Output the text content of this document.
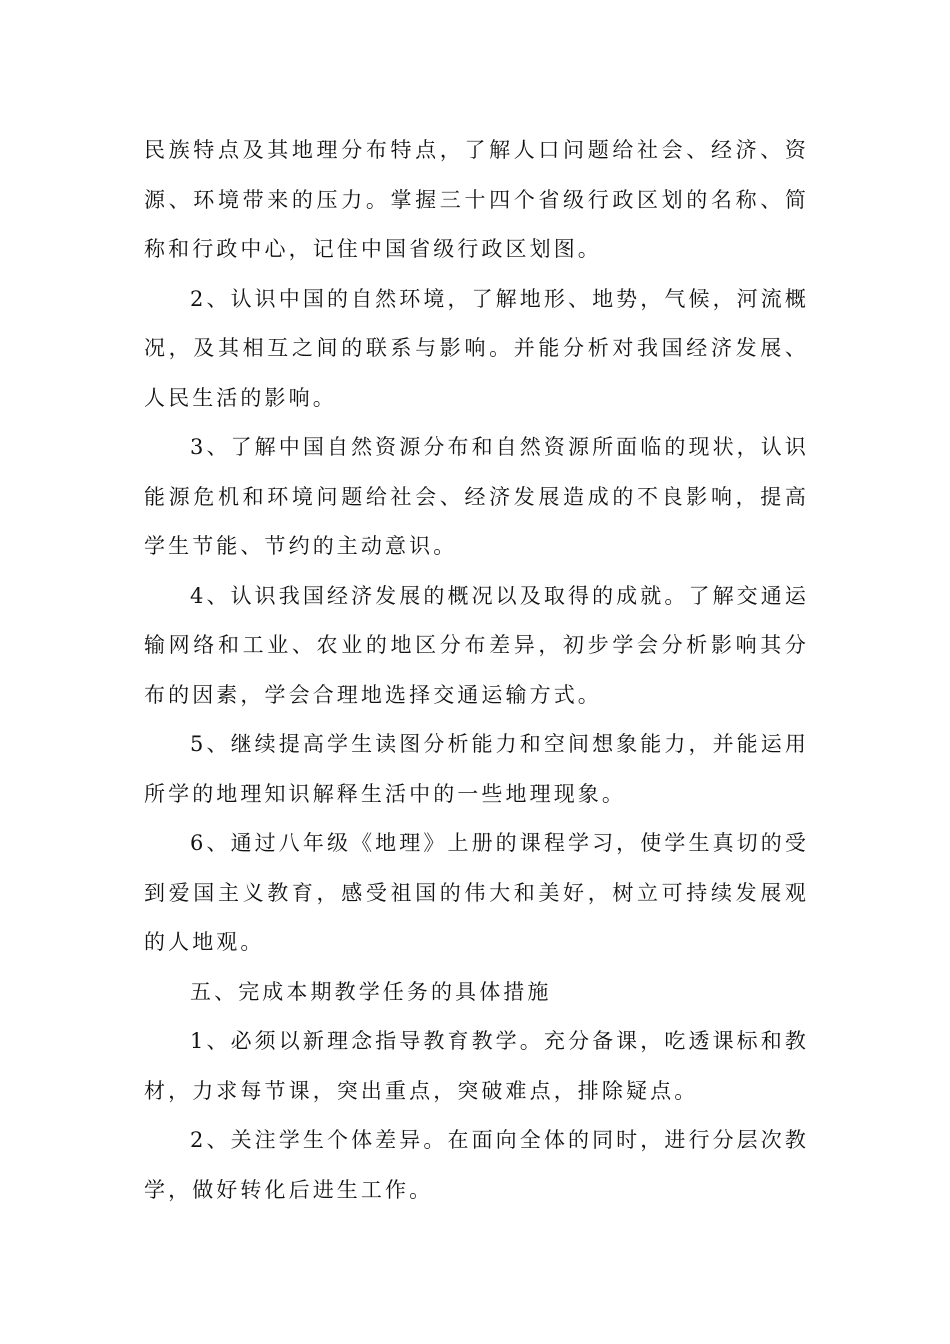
民族特点及其地理分布特点，了解人口问题给社会、经济、资源、环境带来的压力。掌握三十四个省级行政区划的名称、简称和行政中心，记住中国省级行政区划图。

2、认识中国的自然环境，了解地形、地势，气候，河流概况，及其相互之间的联系与影响。并能分析对我国经济发展、人民生活的影响。

3、了解中国自然资源分布和自然资源所面临的现状，认识能源危机和环境问题给社会、经济发展造成的不良影响，提高学生节能、节约的主动意识。

4、认识我国经济发展的概况以及取得的成就。了解交通运输网络和工业、农业的地区分布差异，初步学会分析影响其分布的因素，学会合理地选择交通运输方式。

5、继续提高学生读图分析能力和空间想象能力，并能运用所学的地理知识解释生活中的一些地理现象。

6、通过八年级《地理》上册的课程学习，使学生真切的受到爱国主义教育，感受祖国的伟大和美好，树立可持续发展观的人地观。

五、完成本期教学任务的具体措施

1、必须以新理念指导教育教学。充分备课，吃透课标和教材，力求每节课，突出重点，突破难点，排除疑点。

2、关注学生个体差异。在面向全体的同时，进行分层次教学，做好转化后进生工作。
